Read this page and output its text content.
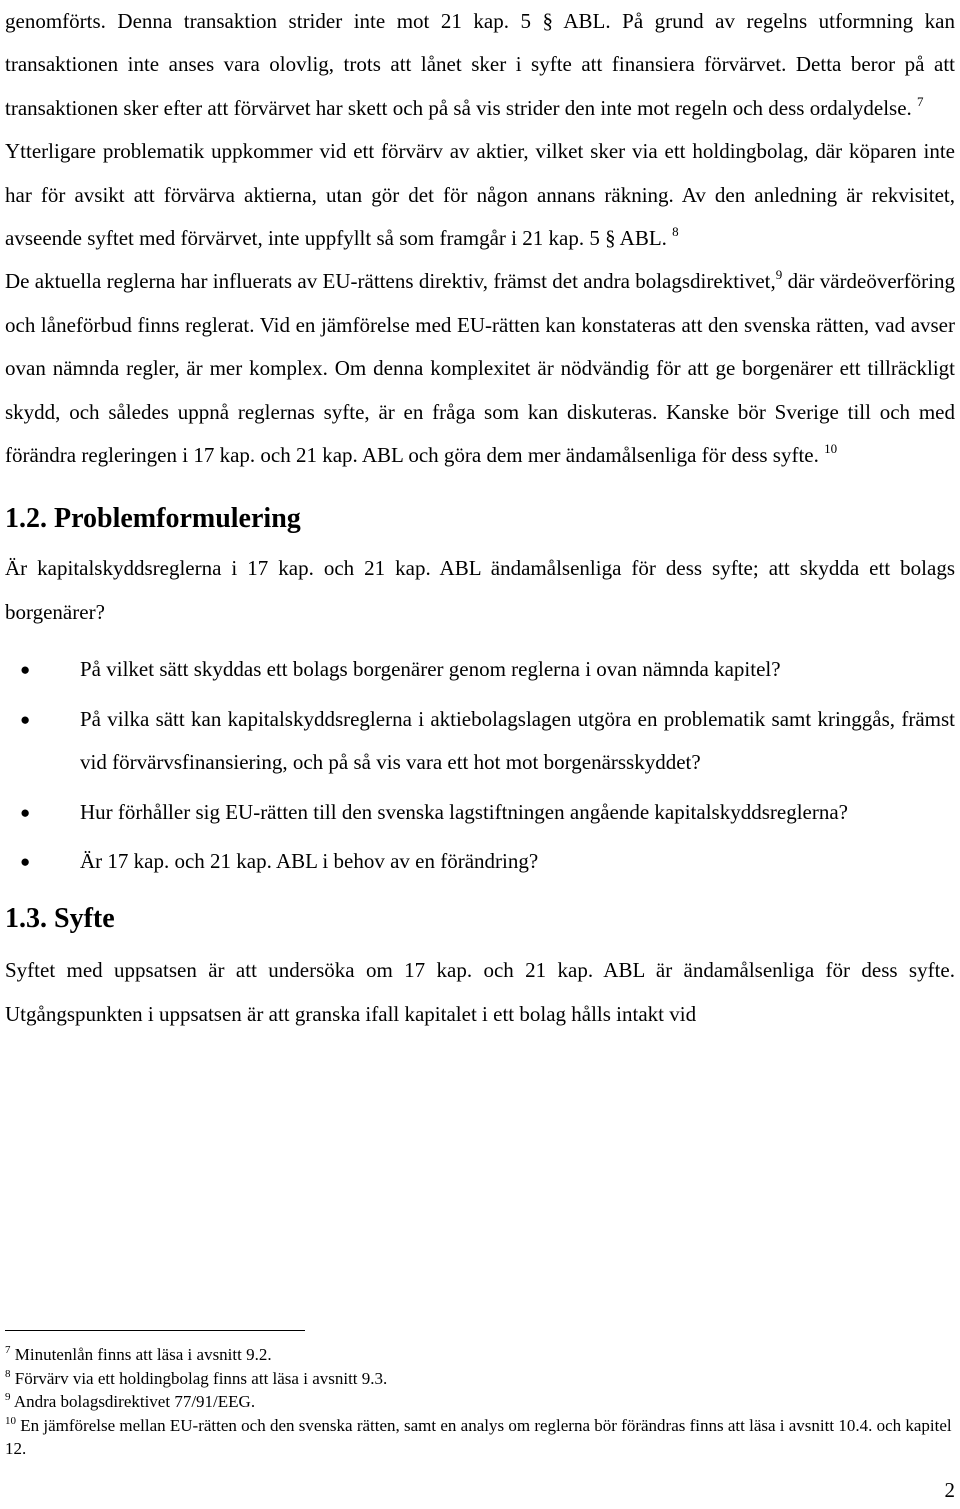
genomförts. Denna transaktion strider inte mot 21 kap. 5 § ABL. På grund av regelns utformning kan transaktionen inte anses vara olovlig, trots att lånet sker i syfte att finansiera förvärvet. Detta beror på att transaktionen sker efter att förvärvet har skett och på så vis strider den inte mot regeln och dess ordalydelse. $^7$

Ytterligare problematik uppkommer vid ett förvärv av aktier, vilket sker via ett holdingbolag, där köparen inte har för avsikt att förvärva aktierna, utan gör det för någon annans räkning. Av den anledning är rekvisitet, avseende syftet med förvärvet, inte uppfyllt så som framgår i 21 kap. 5 § ABL. $^8$

De aktuella reglerna har influerats av EU-rättens direktiv, främst det andra bolagsdirektivet,$^9$ där värdeöverföring och låneförbud finns reglerat. Vid en jämförelse med EU-rätten kan konstateras att den svenska rätten, vad avser ovan nämnda regler, är mer komplex. Om denna komplexitet är nödvändig för att ge borgenärer ett tillräckligt skydd, och således uppnå reglernas syfte, är en fråga som kan diskuteras. Kanske bör Sverige till och med förändra regleringen i 17 kap. och 21 kap. ABL och göra dem mer ändamålsenliga för dess syfte. $^{10}$

1.2. Problemformulering

Är kapitalskyddsreglerna i 17 kap. och 21 kap. ABL ändamålsenliga för dess syfte; att skydda ett bolags borgenärer?

● På vilket sätt skyddas ett bolags borgenärer genom reglerna i ovan nämnda kapitel?
● På vilka sätt kan kapitalskyddsreglerna i aktiebolagslagen utgöra en problematik samt kringgås, främst vid förvärvsfinansiering, och på så vis vara ett hot mot borgenärsskyddet?
● Hur förhåller sig EU-rätten till den svenska lagstiftningen angående kapitalskyddsreglerna?
● Är 17 kap. och 21 kap. ABL i behov av en förändring?
1.3. Syfte

Syftet med uppsatsen är att undersöka om 17 kap. och 21 kap. ABL är ändamålsenliga för dess syfte. Utgångspunkten i uppsatsen är att granska ifall kapitalet i ett bolag hålls intakt vid

$^7$ Minutenlån finns att läsa i avsnitt 9.2.
$^8$ Förvärv via ett holdingbolag finns att läsa i avsnitt 9.3.
$^9$ Andra bolagsdirektivet 77/91/EEG.
$^{10}$ En jämförelse mellan EU-rätten och den svenska rätten, samt en analys om reglerna bör förändras finns att läsa i avsnitt 10.4. och kapitel 12.
2
